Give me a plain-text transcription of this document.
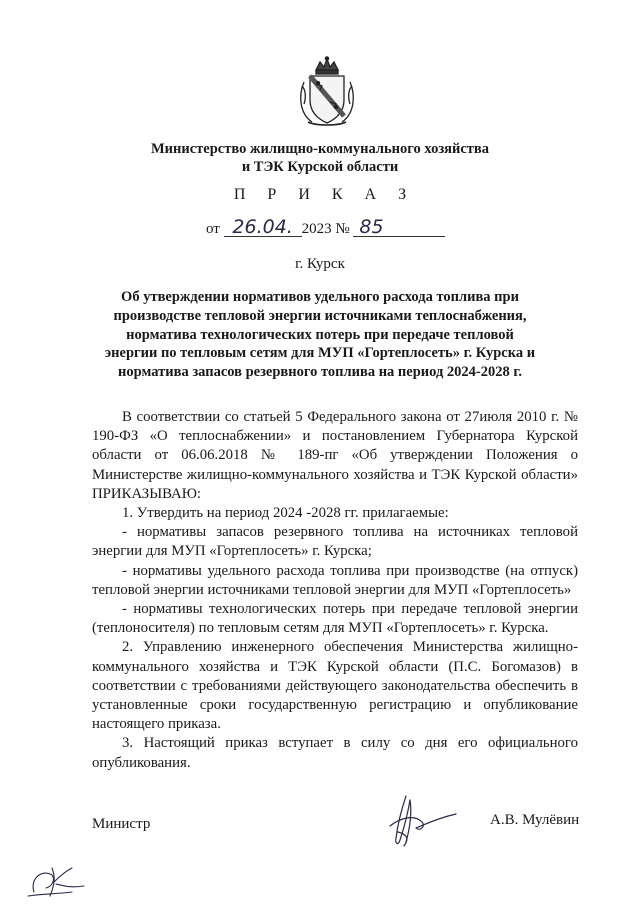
Министерство жилищно-коммунального хозяйства
и ТЭК Курской области
П Р И К А З
от 26.04. 2023 № 85
г. Курск
Об утверждении нормативов удельного расхода топлива при производстве тепловой энергии источниками теплоснабжения, норматива технологических потерь при передаче тепловой энергии по тепловым сетям для МУП «Гортеплосеть» г. Курска и норматива запасов резервного топлива на период 2024-2028 г.

В соответствии со статьей 5 Федерального закона от 27июля 2010 г. № 190-ФЗ «О теплоснабжении» и постановлением Губернатора Курской области от 06.06.2018 № 189-пг «Об утверждении Положения о Министерстве жилищно-коммунального хозяйства и ТЭК Курской области» ПРИКАЗЫВАЮ:

1. Утвердить на период 2024 -2028 гг. прилагаемые:

- нормативы запасов резервного топлива на источниках тепловой энергии для МУП «Гортеплосеть» г. Курска;

- нормативы удельного расхода топлива при производстве (на отпуск) тепловой энергии источниками тепловой энергии для МУП «Гортеплосеть»

- нормативы технологических потерь при передаче тепловой энергии (теплоносителя) по тепловым сетям для МУП «Гортеплосеть» г. Курска.

2. Управлению инженерного обеспечения Министерства жилищно-коммунального хозяйства и ТЭК Курской области (П.С. Богомазов) в соответствии с требованиями действующего законодательства обеспечить в установленные сроки государственную регистрацию и опубликование настоящего приказа.

3. Настоящий приказ вступает в силу со дня его официального опубликования.

Министр	А.В. Мулёвин
